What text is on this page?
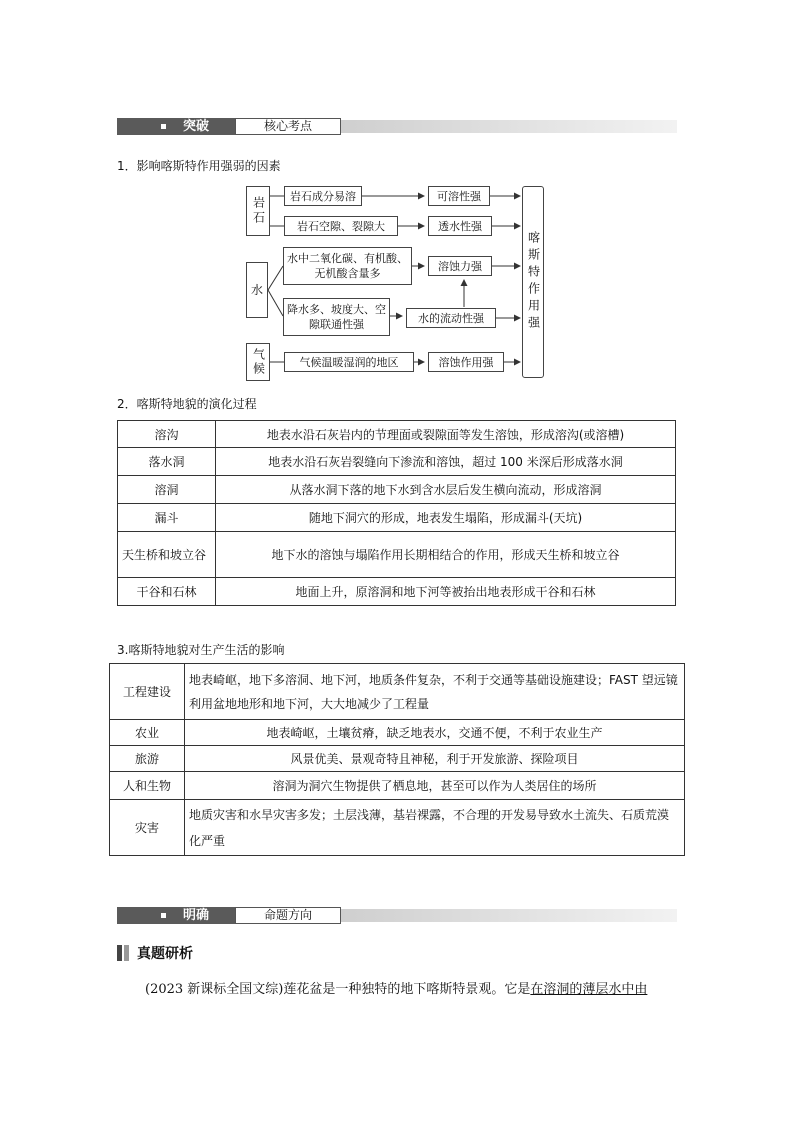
突破	核心考点
1．影响喀斯特作用强弱的因素
岩石
水
气候
岩石成分易溶
岩石空隙、裂隙大
水中二氧化碳、有机酸、无机酸含量多
降水多、坡度大、空隙联通性强
气候温暖湿润的地区
可溶性强
透水性强
溶蚀力强
水的流动性强
溶蚀作用强
喀斯特作用强
2．喀斯特地貌的演化过程
溶沟	地表水沿石灰岩内的节理面或裂隙面等发生溶蚀，形成溶沟(或溶槽)
落水洞	地表水沿石灰岩裂缝向下渗流和溶蚀，超过 100 米深后形成落水洞
溶洞	从落水洞下落的地下水到含水层后发生横向流动，形成溶洞
漏斗	随地下洞穴的形成，地表发生塌陷，形成漏斗(天坑)
天生桥和坡立谷	地下水的溶蚀与塌陷作用长期相结合的作用，形成天生桥和坡立谷
干谷和石林	地面上升，原溶洞和地下河等被抬出地表形成干谷和石林
3.喀斯特地貌对生产生活的影响
工程建设	地表崎岖，地下多溶洞、地下河，地质条件复杂，不利于交通等基础设施建设；FAST 望远镜利用盆地地形和地下河，大大地减少了工程量
农业	地表崎岖，土壤贫瘠，缺乏地表水，交通不便，不利于农业生产
旅游	风景优美、景观奇特且神秘，利于开发旅游、探险项目
人和生物	溶洞为洞穴生物提供了栖息地，甚至可以作为人类居住的场所
灾害	地质灾害和水旱灾害多发；土层浅薄，基岩裸露，不合理的开发易导致水土流失、石质荒漠化严重
明确	命题方向
真题研析
(2023 新课标全国文综)莲花盆是一种独特的地下喀斯特景观。它是在溶洞的薄层水中由
